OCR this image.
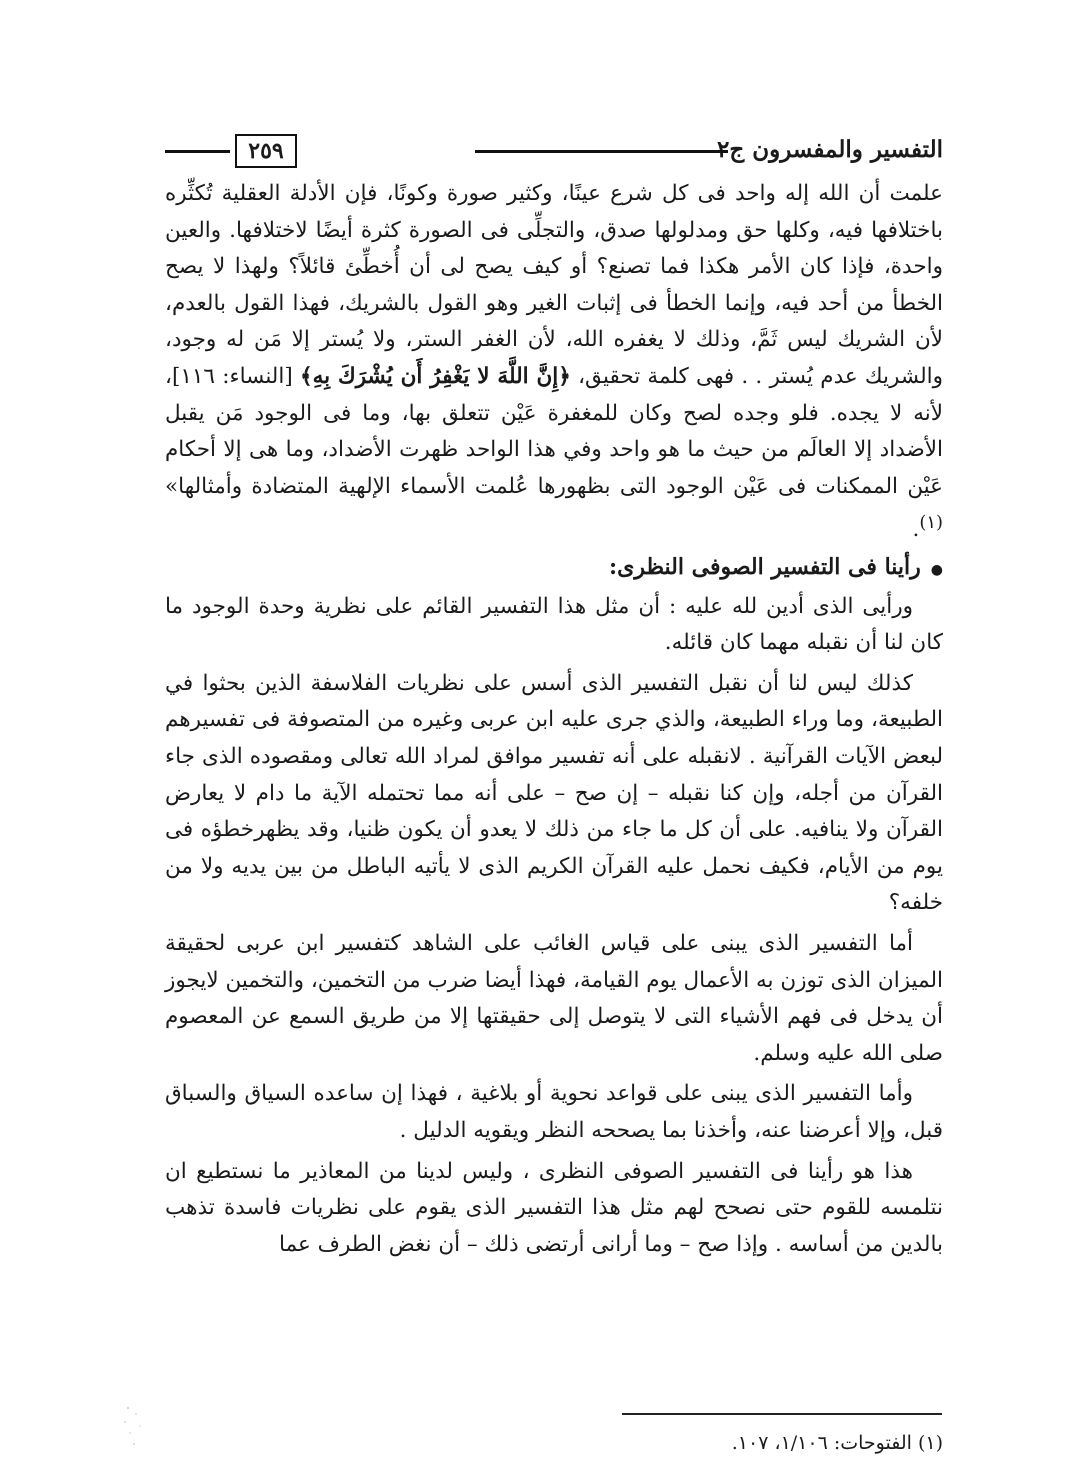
التفسير والمفسرون ج٢
٢٥٩

علمت أن الله إله واحد فى كل شرع عينًا، وكثير صورة وكونًا، فإن الأدلة العقلية تُكثِّره باختلافها فيه، وكلها حق ومدلولها صدق، والتجلِّى فى الصورة كثرة أيضًا لاختلافها. والعين واحدة، فإذا كان الأمر هكذا فما تصنع؟ أو كيف يصح لى أن أُخطِّئ قائلاً؟ ولهذا لا يصح الخطأ من أحد فيه، وإنما الخطأ فى إثبات الغير وهو القول بالشريك، فهذا القول بالعدم، لأن الشريك ليس ثَمَّ، وذلك لا يغفره الله، لأن الغفر الستر، ولا يُستر إلا مَن له وجود، والشريك عدم يُستر . . فهى كلمة تحقيق، ﴿إِنَّ اللَّهَ لا يَغْفِرُ أَن يُشْرَكَ بِهِ﴾ [النساء: ١١٦]، لأنه لا يجده. فلو وجده لصح وكان للمغفرة عَيْن تتعلق بها، وما فى الوجود مَن يقبل الأضداد إلا العالَم من حيث ما هو واحد وفي هذا الواحد ظهرت الأضداد، وما هى إلا أحكام عَيْن الممكنات فى عَيْن الوجود التى بظهورها عُلمت الأسماء الإلهية المتضادة وأمثالها» $^{(١)}$.

●رأينا فى التفسير الصوفى النظرى:

ورأيى الذى أدين لله عليه : أن مثل هذا التفسير القائم على نظرية وحدة الوجود ما كان لنا أن نقبله مهما كان قائله.

كذلك ليس لنا أن نقبل التفسير الذى أسس على نظريات الفلاسفة الذين بحثوا في الطبيعة، وما وراء الطبيعة، والذي جرى عليه ابن عربى وغيره من المتصوفة فى تفسيرهم لبعض الآيات القرآنية . لانقبله على أنه تفسير موافق لمراد الله تعالى ومقصوده الذى جاء القرآن من أجله، وإن كنا نقبله – إن صح – على أنه مما تحتمله الآية ما دام لا يعارض القرآن ولا ينافيه. على أن كل ما جاء من ذلك لا يعدو أن يكون ظنيا، وقد يظهرخطؤه فى يوم من الأيام، فكيف نحمل عليه القرآن الكريم الذى لا يأتيه الباطل من بين يديه ولا من خلفه؟

أما التفسير الذى يبنى على قياس الغائب على الشاهد كتفسير ابن عربى لحقيقة الميزان الذى توزن به الأعمال يوم القيامة، فهذا أيضا ضرب من التخمين، والتخمين لايجوز أن يدخل فى فهم الأشياء التى لا يتوصل إلى حقيقتها إلا من طريق السمع عن المعصوم صلى الله عليه وسلم.

وأما التفسير الذى يبنى على قواعد نحوية أو بلاغية ، فهذا إن ساعده السياق والسباق قبل، وإلا أعرضنا عنه، وأخذنا بما يصححه النظر ويقويه الدليل .

هذا هو رأينا فى التفسير الصوفى النظرى ، وليس لدينا من المعاذير ما نستطيع ان نتلمسه للقوم حتى نصحح لهم مثل هذا التفسير الذى يقوم على نظريات فاسدة تذهب بالدين من أساسه . وإذا صح – وما أرانى أرتضى ذلك – أن نغض الطرف عما

(١) الفتوحات: ١/١٠٦، ١٠٧.
